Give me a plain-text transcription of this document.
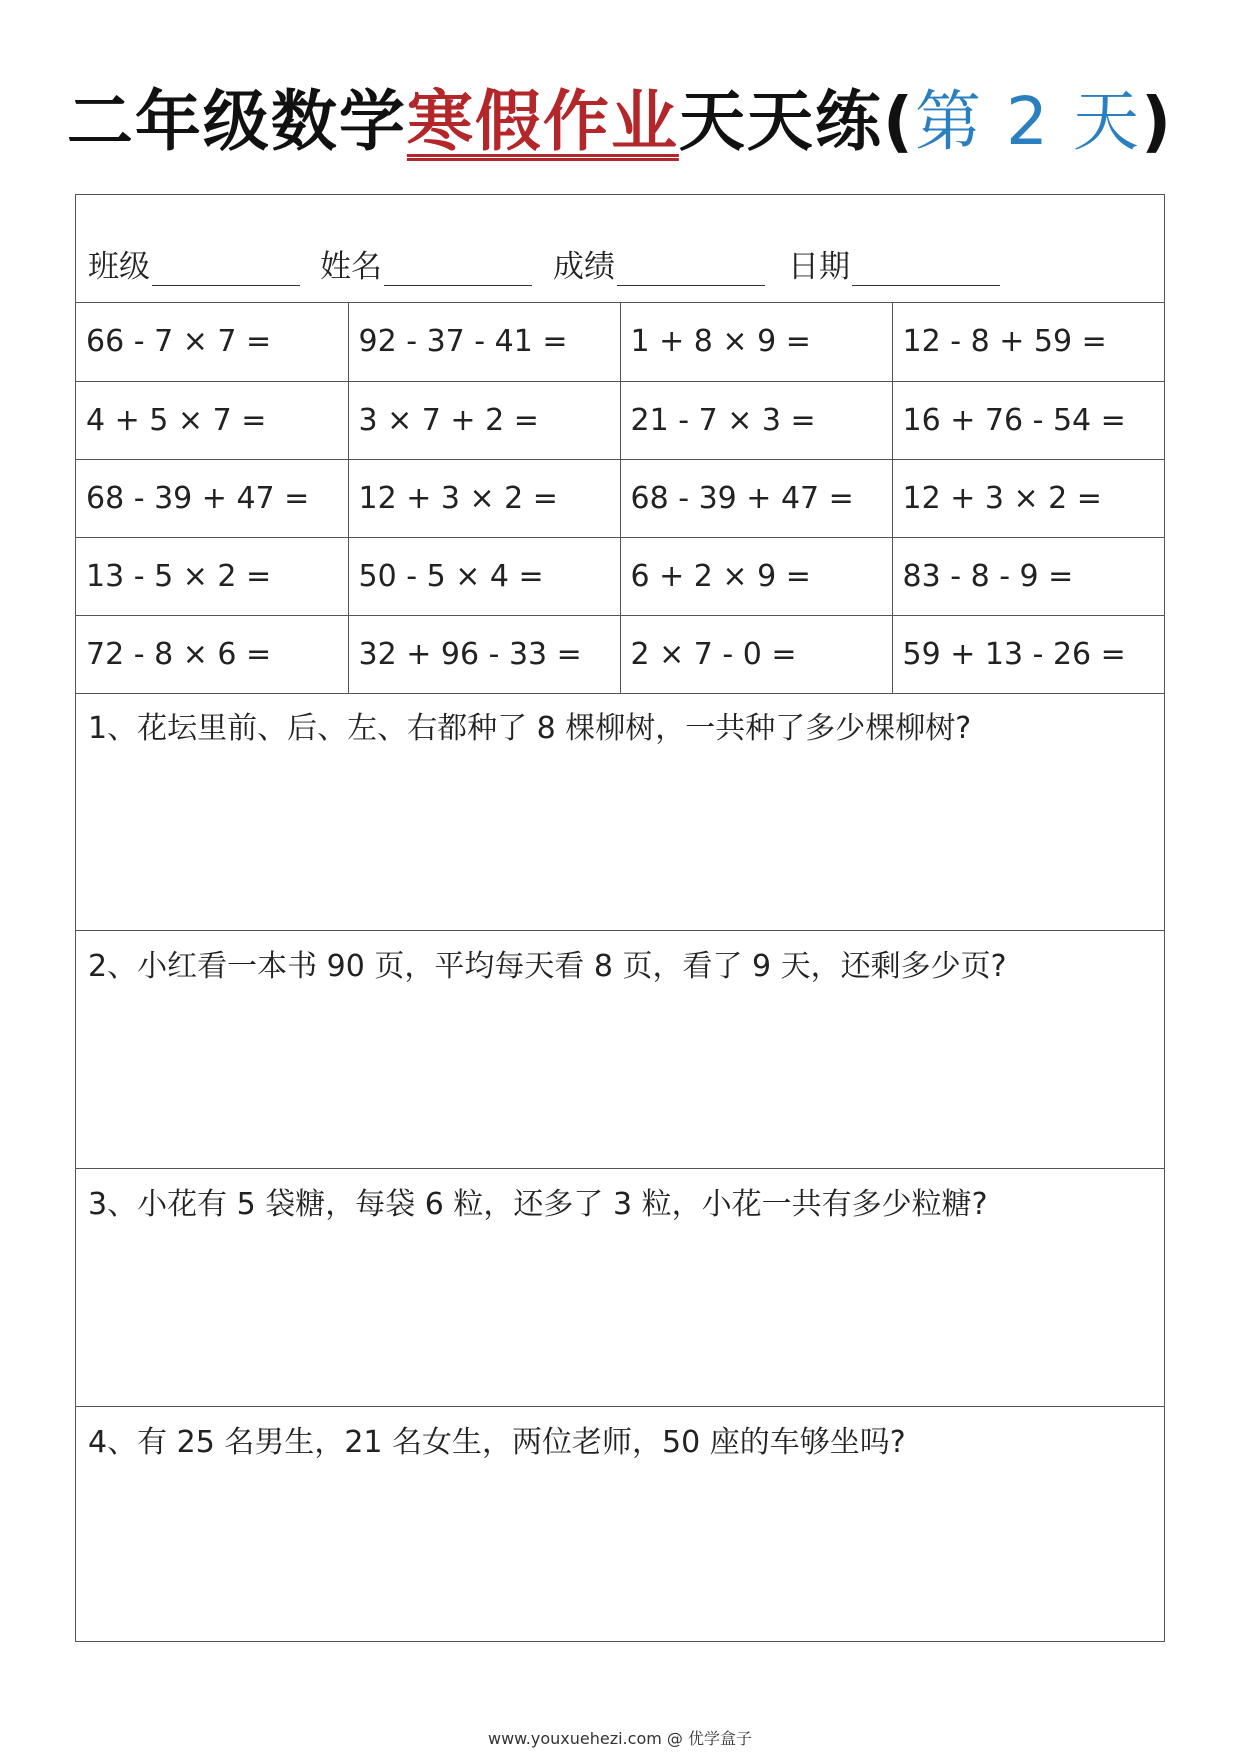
二年级数学寒假作业天天练(第 2 天)
班级	姓名	成绩	日期
66 - 7 × 7 =	92 - 37 - 41 =	1 + 8 × 9 =	12 - 8 + 59 =
4 + 5 × 7 =	3 × 7 + 2 =	21 - 7 × 3 =	16 + 76 - 54 =
68 - 39 + 47 =	12 + 3 × 2 =	68 - 39 + 47 =	12 + 3 × 2 =
13 - 5 × 2 =	50 - 5 × 4 =	6 + 2 × 9 =	83 - 8 - 9 =
72 - 8 × 6 =	32 + 96 - 33 =	2 × 7 - 0 =	59 + 13 - 26 =
1、花坛里前、后、左、右都种了 8 棵柳树，一共种了多少棵柳树?
2、小红看一本书 90 页，平均每天看 8 页，看了 9 天，还剩多少页?
3、小花有 5 袋糖，每袋 6 粒，还多了 3 粒，小花一共有多少粒糖?
4、有 25 名男生，21 名女生，两位老师，50 座的车够坐吗?
www.youxuehezi.com @ 优学盒子
